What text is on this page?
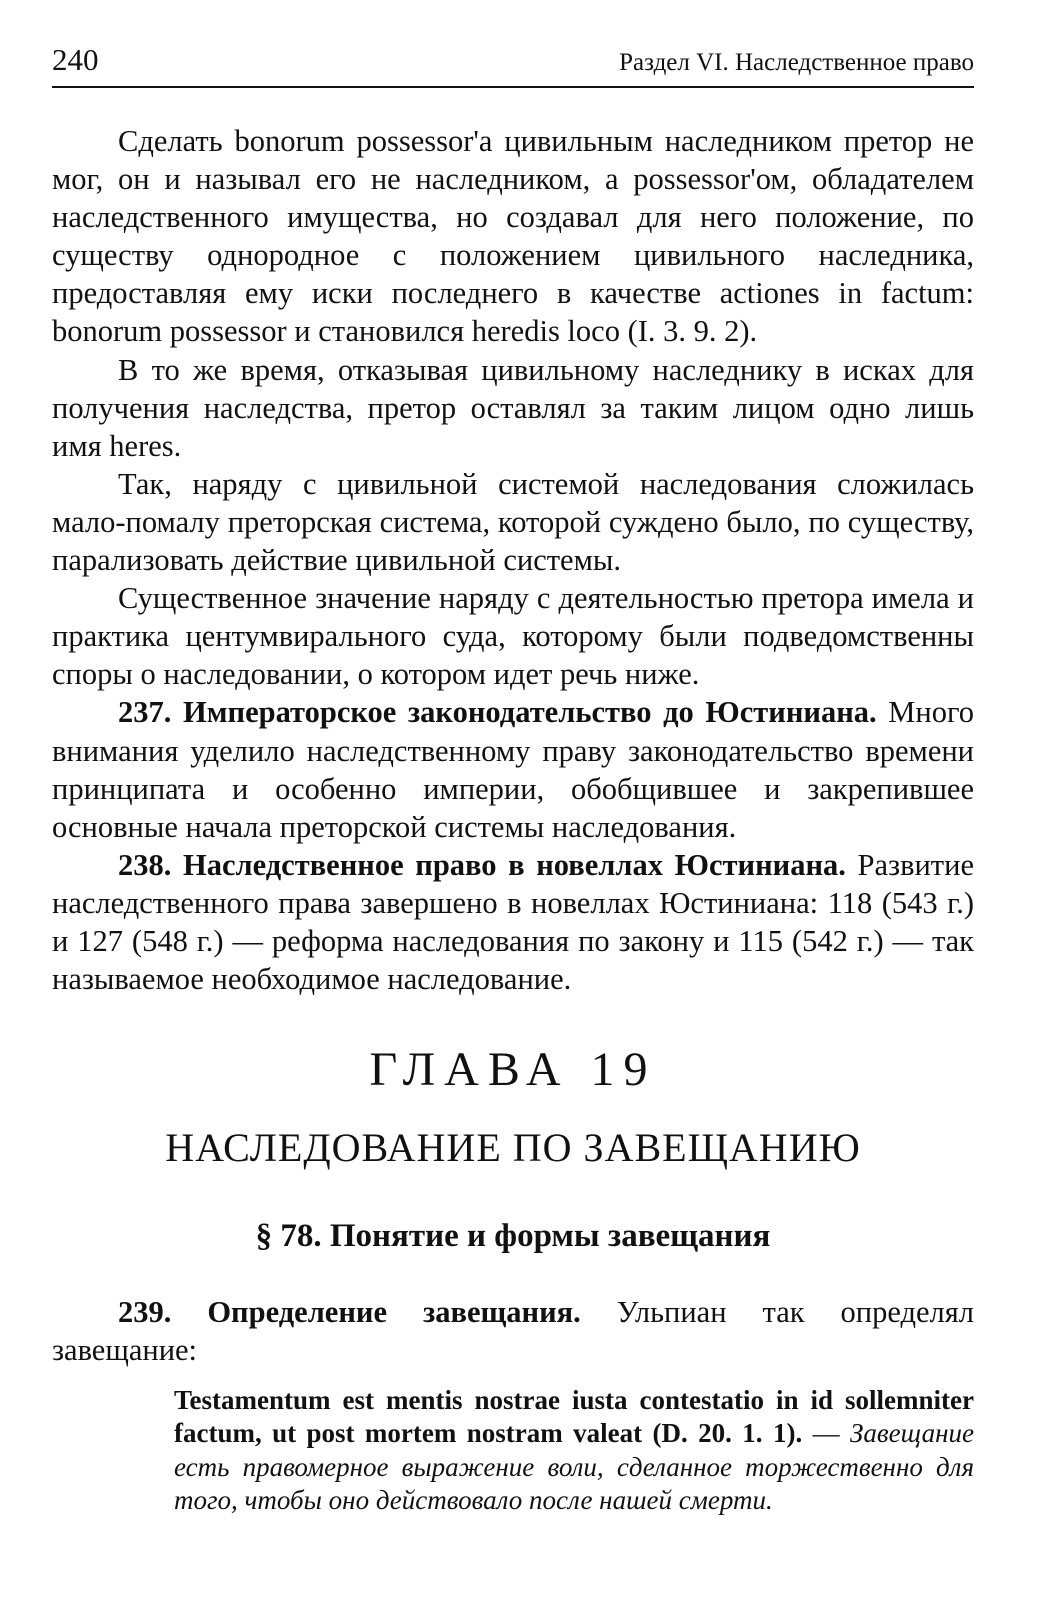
240	Раздел VI. Наследственное право

Сделать bonorum possessor'а цивильным наследником претор не мог, он и называл его не наследником, а possessor'ом, обладателем наследственного имущества, но создавал для него положение, по существу однородное с положением цивильного наследника, предоставляя ему иски последнего в качестве actiones in factum: bonorum possessor и становился heredis loco (I. 3. 9. 2).

В то же время, отказывая цивильному наследнику в исках для получения наследства, претор оставлял за таким лицом одно лишь имя heres.

Так, наряду с цивильной системой наследования сложилась мало-помалу преторская система, которой суждено было, по существу, парализовать действие цивильной системы.

Существенное значение наряду с деятельностью претора имела и практика центумвирального суда, которому были подведомственны споры о наследовании, о котором идет речь ниже.

237. Императорское законодательство до Юстиниана. Много внимания уделило наследственному праву законодательство времени принципата и особенно империи, обобщившее и закрепившее основные начала преторской системы наследования.

238. Наследственное право в новеллах Юстиниана. Развитие наследственного права завершено в новеллах Юстиниана: 118 (543 г.) и 127 (548 г.) — реформа наследования по закону и 115 (542 г.) — так называемое необходимое наследование.

ГЛАВА 19
НАСЛЕДОВАНИЕ ПО ЗАВЕЩАНИЮ
§ 78. Понятие и формы завещания

239. Определение завещания. Ульпиан так определял завещание:

Testamentum est mentis nostrae iusta contestatio in id sollemniter factum, ut post mortem nostram valeat (D. 20. 1. 1). — Завещание есть правомерное выражение воли, сделанное торжественно для того, чтобы оно действовало после нашей смерти.
